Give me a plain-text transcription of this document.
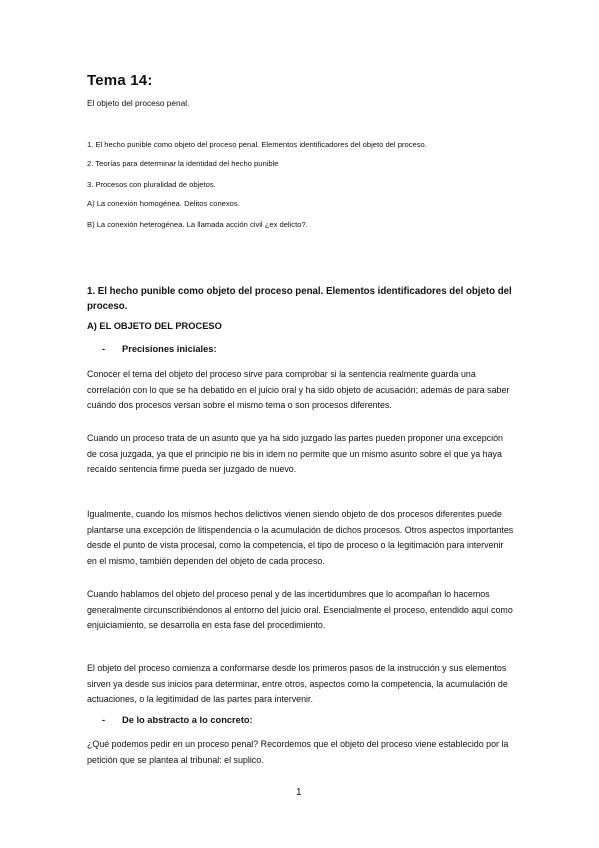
Tema 14:
El objeto del proceso penal.
1. El hecho punible como objeto del proceso penal. Elementos identificadores del objeto del proceso.
2. Teorías para determinar la identidad del hecho punible
3. Procesos con pluralidad de objetos.
A) La conexión homogénea. Delitos conexos.
B) La conexión heterogénea. La llamada acción civil ¿ex delicto?.
1. El hecho punible como objeto del proceso penal. Elementos identificadores del objeto del proceso.
A) EL OBJETO DEL PROCESO
- Precisiones iniciales:
Conocer el tema del objeto del proceso sirve para comprobar si la sentencia realmente guarda una correlación con lo que se ha debatido en el juicio oral y ha sido objeto de acusación; además de para saber cuándo dos procesos versan sobre el mismo tema o son procesos diferentes.
Cuando un proceso trata de un asunto que ya ha sido juzgado las partes pueden proponer una excepción de cosa juzgada, ya que el principio ne bis in idem no permite que un mismo asunto sobre el que ya haya recaído sentencia firme pueda ser juzgado de nuevo.
Igualmente, cuando los mismos hechos delictivos vienen siendo objeto de dos procesos diferentes puede plantarse una excepción de litispendencia o la acumulación de dichos procesos. Otros aspectos importantes desde el punto de vista procesal, como la competencia, el tipo de proceso o la legitimación para intervenir en el mismo, también dependen del objeto de cada proceso.
Cuando hablamos del objeto del proceso penal y de las incertidumbres que lo acompañan lo hacemos generalmente circunscribiéndonos al entorno del juicio oral. Esencialmente el proceso, entendido aquí como enjuiciamiento, se desarrolla en esta fase del procedimiento.
El objeto del proceso comienza a conformarse desde los primeros pasos de la instrucción y sus elementos sirven ya desde sus inicios para determinar, entre otros, aspectos como la competencia, la acumulación de actuaciones, o la legitimidad de las partes para intervenir.
- De lo abstracto a lo concreto:
¿Qué podemos pedir en un proceso penal? Recordemos que el objeto del proceso viene establecido por la petición que se plantea al tribunal: el suplico.
1
